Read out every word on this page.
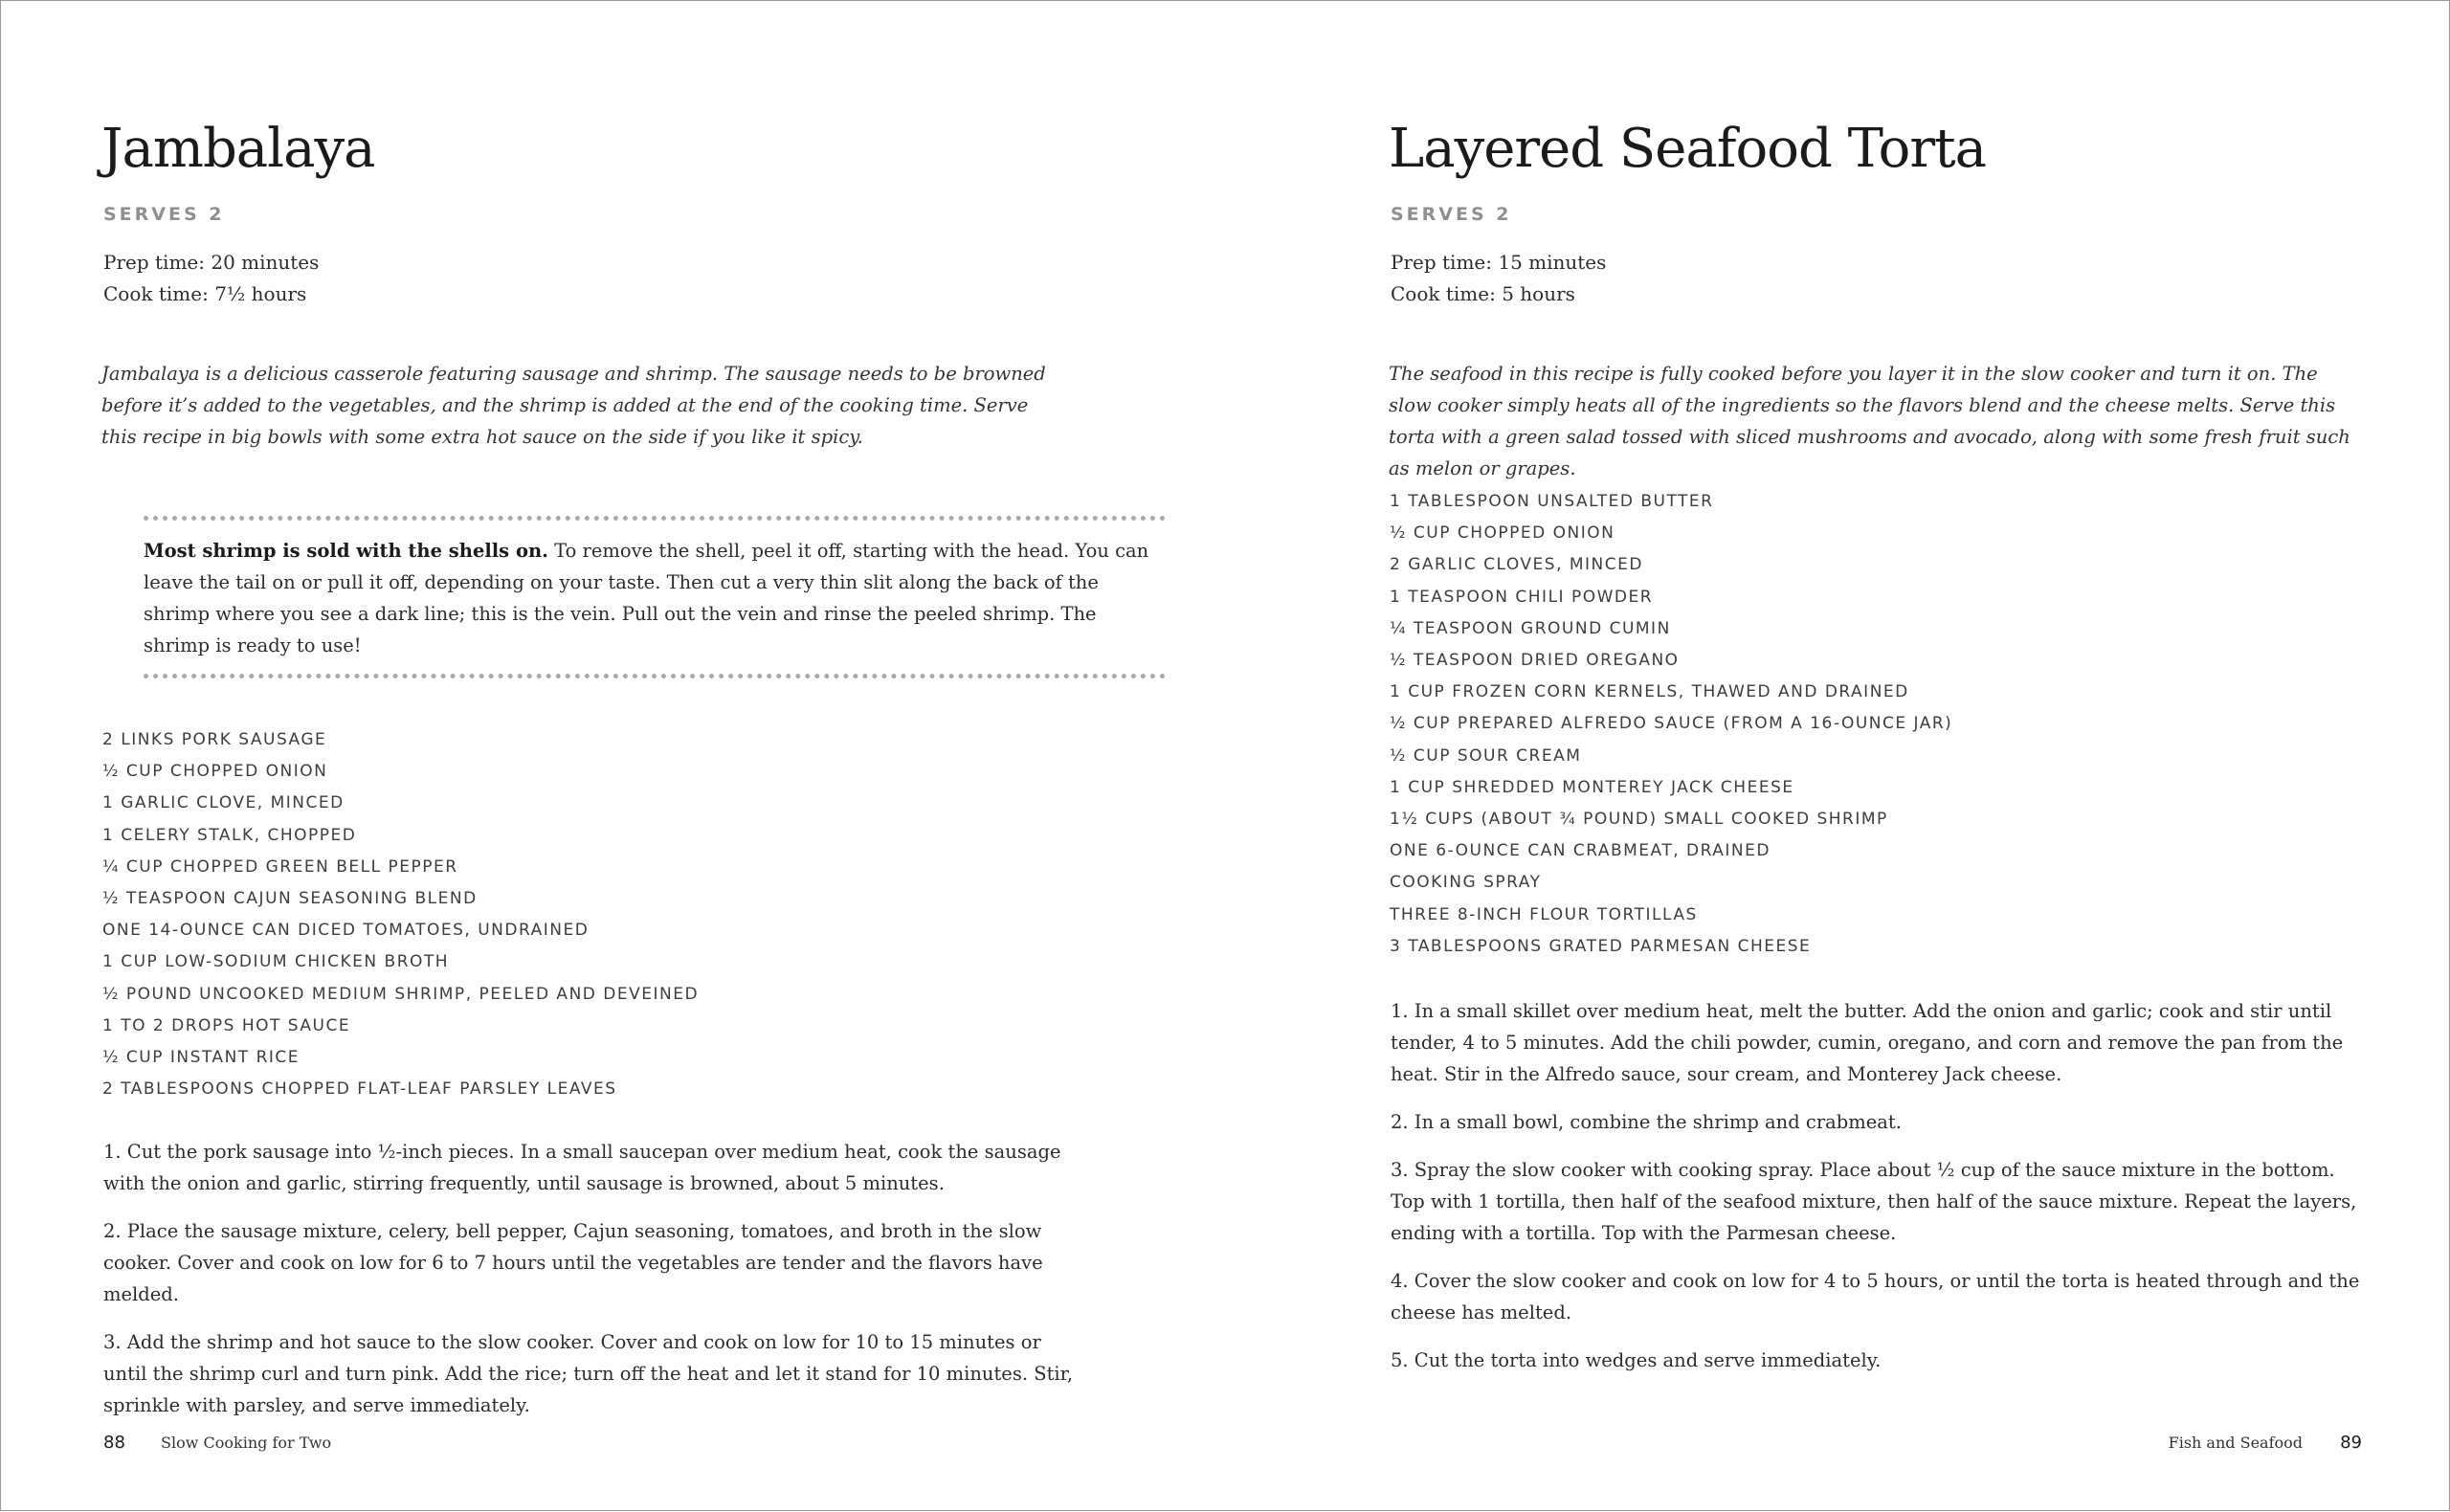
Jambalaya
SERVES 2
Prep time: 20 minutes
Cook time: 7½ hours

Jambalaya is a delicious casserole featuring sausage and shrimp. The sausage needs to be browned before it’s added to the vegetables, and the shrimp is added at the end of the cooking time. Serve this recipe in big bowls with some extra hot sauce on the side if you like it spicy.

Most shrimp is sold with the shells on. To remove the shell, peel it off, starting with the head. You can leave the tail on or pull it off, depending on your taste. Then cut a very thin slit along the back of the shrimp where you see a dark line; this is the vein. Pull out the vein and rinse the peeled shrimp. The shrimp is ready to use!
2 LINKS PORK SAUSAGE
½ CUP CHOPPED ONION
1 GARLIC CLOVE, MINCED
1 CELERY STALK, CHOPPED
¼ CUP CHOPPED GREEN BELL PEPPER
½ TEASPOON CAJUN SEASONING BLEND
ONE 14-OUNCE CAN DICED TOMATOES, UNDRAINED
1 CUP LOW-SODIUM CHICKEN BROTH
½ POUND UNCOOKED MEDIUM SHRIMP, PEELED AND DEVEINED
1 TO 2 DROPS HOT SAUCE
½ CUP INSTANT RICE
2 TABLESPOONS CHOPPED FLAT-LEAF PARSLEY LEAVES

1. Cut the pork sausage into ½-inch pieces. In a small saucepan over medium heat, cook the sausage with the onion and garlic, stirring frequently, until sausage is browned, about 5 minutes.

2. Place the sausage mixture, celery, bell pepper, Cajun seasoning, tomatoes, and broth in the slow cooker. Cover and cook on low for 6 to 7 hours until the vegetables are tender and the flavors have melded.

3. Add the shrimp and hot sauce to the slow cooker. Cover and cook on low for 10 to 15 minutes or until the shrimp curl and turn pink. Add the rice; turn off the heat and let it stand for 10 minutes. Stir, sprinkle with parsley, and serve immediately.

88 Slow Cooking for Two
Layered Seafood Torta
SERVES 2
Prep time: 15 minutes
Cook time: 5 hours

The seafood in this recipe is fully cooked before you layer it in the slow cooker and turn it on. The slow cooker simply heats all of the ingredients so the flavors blend and the cheese melts. Serve this torta with a green salad tossed with sliced mushrooms and avocado, along with some fresh fruit such as melon or grapes.

1 TABLESPOON UNSALTED BUTTER
½ CUP CHOPPED ONION
2 GARLIC CLOVES, MINCED
1 TEASPOON CHILI POWDER
¼ TEASPOON GROUND CUMIN
½ TEASPOON DRIED OREGANO
1 CUP FROZEN CORN KERNELS, THAWED AND DRAINED
½ CUP PREPARED ALFREDO SAUCE (FROM A 16-OUNCE JAR)
½ CUP SOUR CREAM
1 CUP SHREDDED MONTEREY JACK CHEESE
1½ CUPS (ABOUT ¾ POUND) SMALL COOKED SHRIMP
ONE 6-OUNCE CAN CRABMEAT, DRAINED
COOKING SPRAY
THREE 8-INCH FLOUR TORTILLAS
3 TABLESPOONS GRATED PARMESAN CHEESE

1. In a small skillet over medium heat, melt the butter. Add the onion and garlic; cook and stir until tender, 4 to 5 minutes. Add the chili powder, cumin, oregano, and corn and remove the pan from the heat. Stir in the Alfredo sauce, sour cream, and Monterey Jack cheese.

2. In a small bowl, combine the shrimp and crabmeat.

3. Spray the slow cooker with cooking spray. Place about ½ cup of the sauce mixture in the bottom. Top with 1 tortilla, then half of the seafood mixture, then half of the sauce mixture. Repeat the layers, ending with a tortilla. Top with the Parmesan cheese.

4. Cover the slow cooker and cook on low for 4 to 5 hours, or until the torta is heated through and the cheese has melted.

5. Cut the torta into wedges and serve immediately.

Fish and Seafood 89
